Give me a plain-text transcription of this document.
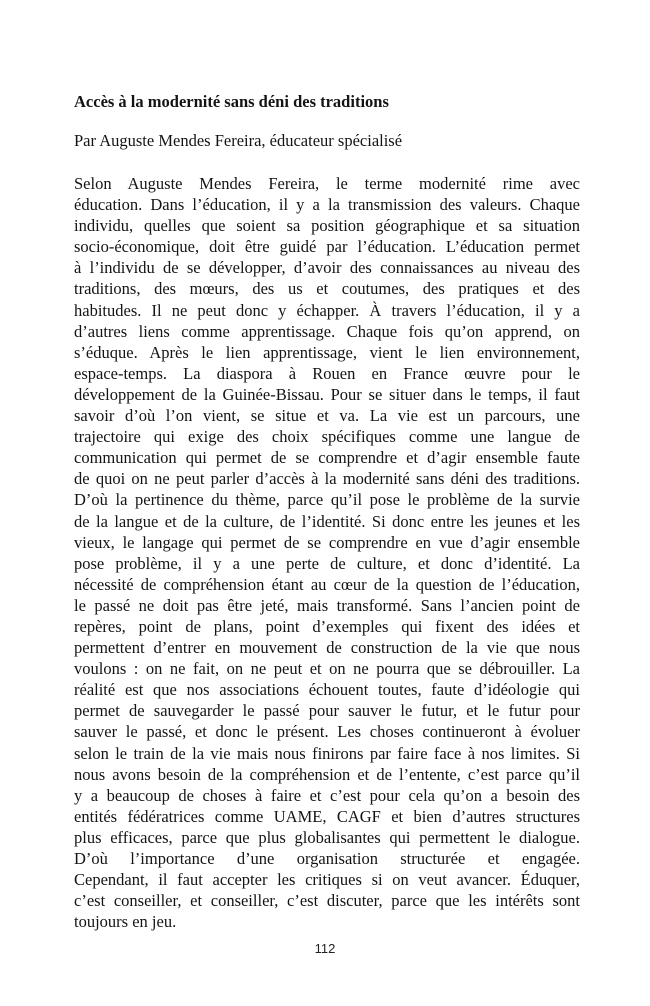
Accès à la modernité sans déni des traditions

Par Auguste Mendes Fereira, éducateur spécialisé

Selon Auguste Mendes Fereira, le terme modernité rime avec
éducation. Dans l’éducation, il y a la transmission des valeurs. Chaque
individu, quelles que soient sa position géographique et sa situation
socio-économique, doit être guidé par l’éducation. L’éducation permet
à l’individu de se développer, d’avoir des connaissances au niveau des
traditions, des mœurs, des us et coutumes, des pratiques et des
habitudes. Il ne peut donc y échapper. À travers l’éducation, il y a
d’autres liens comme apprentissage. Chaque fois qu’on apprend, on
s’éduque. Après le lien apprentissage, vient le lien environnement,
espace-temps. La diaspora à Rouen en France œuvre pour le
développement de la Guinée-Bissau. Pour se situer dans le temps, il faut
savoir d’où l’on vient, se situe et va. La vie est un parcours, une
trajectoire qui exige des choix spécifiques comme une langue de
communication qui permet de se comprendre et d’agir ensemble faute
de quoi on ne peut parler d’accès à la modernité sans déni des traditions.
D’où la pertinence du thème, parce qu’il pose le problème de la survie
de la langue et de la culture, de l’identité. Si donc entre les jeunes et les
vieux, le langage qui permet de se comprendre en vue d’agir ensemble
pose problème, il y a une perte de culture, et donc d’identité. La
nécessité de compréhension étant au cœur de la question de l’éducation,
le passé ne doit pas être jeté, mais transformé. Sans l’ancien point de
repères, point de plans, point d’exemples qui fixent des idées et
permettent d’entrer en mouvement de construction de la vie que nous
voulons : on ne fait, on ne peut et on ne pourra que se débrouiller. La
réalité est que nos associations échouent toutes, faute d’idéologie qui
permet de sauvegarder le passé pour sauver le futur, et le futur pour
sauver le passé, et donc le présent. Les choses continueront à évoluer
selon le train de la vie mais nous finirons par faire face à nos limites. Si
nous avons besoin de la compréhension et de l’entente, c’est parce qu’il
y a beaucoup de choses à faire et c’est pour cela qu’on a besoin des
entités fédératrices comme UAME, CAGF et bien d’autres structures
plus efficaces, parce que plus globalisantes qui permettent le dialogue.
D’où l’importance d’une organisation structurée et engagée.
Cependant, il faut accepter les critiques si on veut avancer. Éduquer,
c’est conseiller, et conseiller, c’est discuter, parce que les intérêts sont
toujours en jeu.
112
